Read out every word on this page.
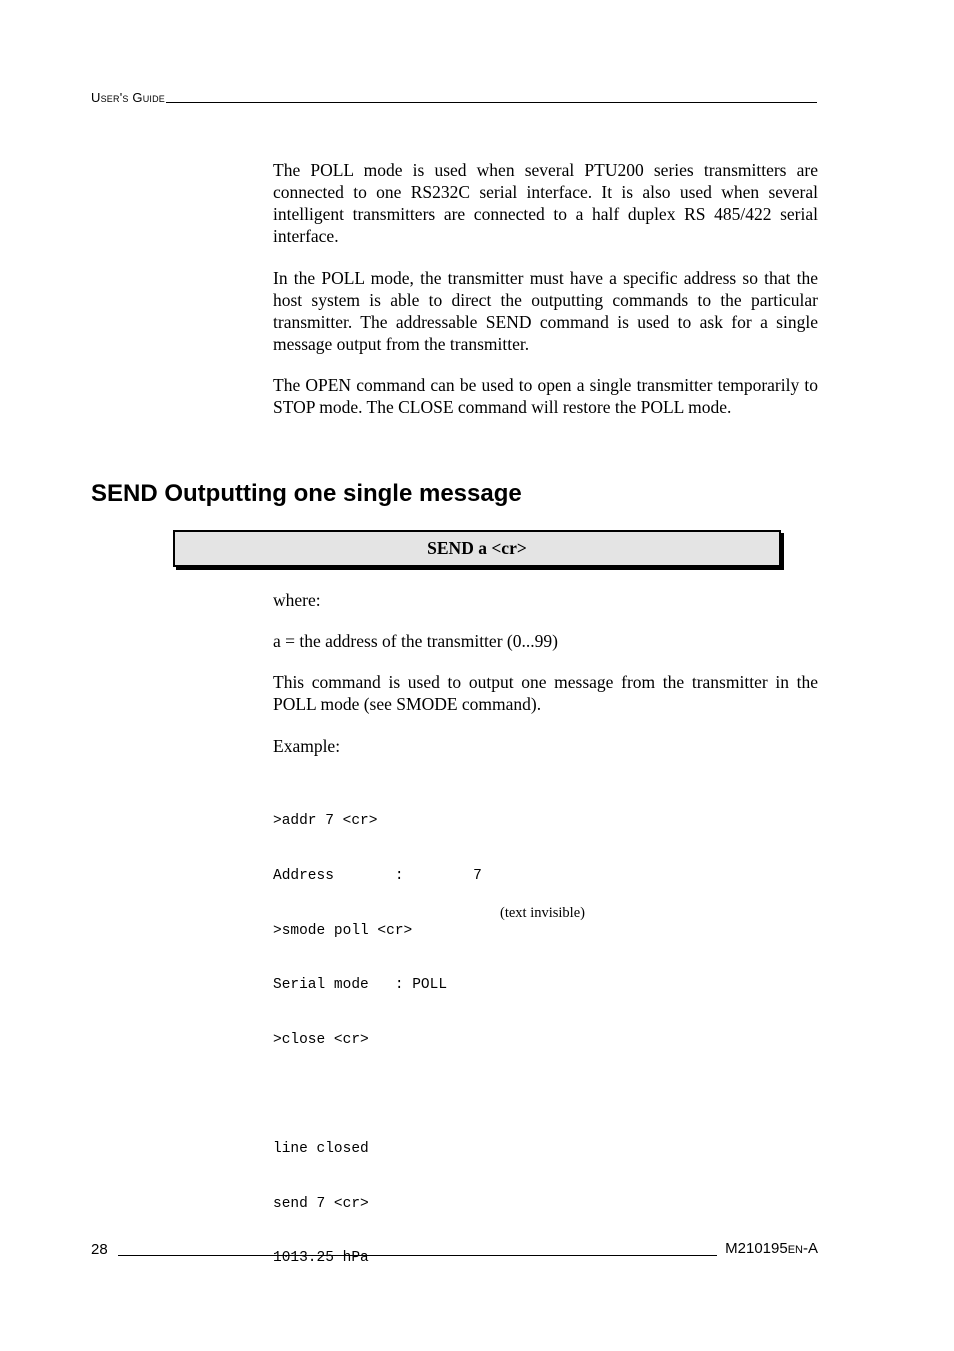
User's Guide
The POLL mode is used when several PTU200 series transmitters are connected to one RS232C serial interface. It is also used when several intelligent transmitters are connected to a half duplex RS 485/422 serial interface.
In the POLL mode, the transmitter must have a specific address so that the host system is able to direct the outputting commands to the particular transmitter. The addressable SEND command is used to ask for a single message output from the transmitter.
The OPEN command can be used to open a single transmitter temporarily to STOP mode. The CLOSE command will restore the POLL mode.
SEND Outputting one single message
SEND a <cr>
where:
a = the address of the transmitter (0...99)
This command is used to output one message from the transmitter in the POLL mode (see SMODE command).
Example:

>addr 7 <cr>

Address       :        7

>smode poll <cr>

Serial mode   : POLL

>close <cr>

line closed

send 7 <cr>

1013.25 hPa

(text invisible)
28	M210195EN-A
